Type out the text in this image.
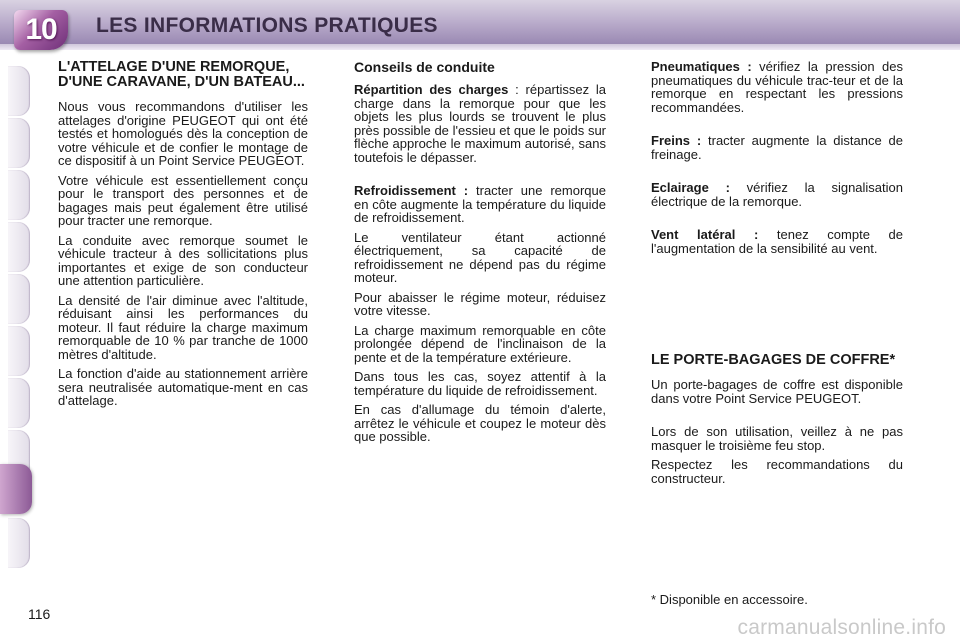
10	LES INFORMATIONS PRATIQUES
L'ATTELAGE D'UNE REMORQUE, D'UNE CARAVANE, D'UN BATEAU...

Nous vous recommandons d'utiliser les attelages d'origine PEUGEOT qui ont été testés et homologués dès la conception de votre véhicule et de confier le montage de ce dispositif à un Point Service PEUGEOT.

Votre véhicule est essentiellement conçu pour le transport des personnes et de bagages mais peut également être utilisé pour tracter une remorque.

La conduite avec remorque soumet le véhicule tracteur à des sollicitations plus importantes et exige de son conducteur une attention particulière.

La densité de l'air diminue avec l'altitude, réduisant ainsi les performances du moteur. Il faut réduire la charge maximum remorquable de 10 % par tranche de 1000 mètres d'altitude.

La fonction d'aide au stationnement arrière sera neutralisée automatique-ment en cas d'attelage.

Conseils de conduite

Répartition des charges : répartissez la charge dans la remorque pour que les objets les plus lourds se trouvent le plus près possible de l'essieu et que le poids sur flèche approche le maximum autorisé, sans toutefois le dépasser.

Refroidissement : tracter une remorque en côte augmente la température du liquide de refroidissement.

Le ventilateur étant actionné électriquement, sa capacité de refroidissement ne dépend pas du régime moteur.

Pour abaisser le régime moteur, réduisez votre vitesse.

La charge maximum remorquable en côte prolongée dépend de l'inclinaison de la pente et de la température extérieure.

Dans tous les cas, soyez attentif à la température du liquide de refroidissement.

En cas d'allumage du témoin d'alerte, arrêtez le véhicule et coupez le moteur dès que possible.

Pneumatiques : vérifiez la pression des pneumatiques du véhicule trac-teur et de la remorque en respectant les pressions recommandées.

Freins : tracter augmente la distance de freinage.

Eclairage : vérifiez la signalisation électrique de la remorque.

Vent latéral : tenez compte de l'augmentation de la sensibilité au vent.

LE PORTE-BAGAGES DE COFFRE*

Un porte-bagages de coffre est disponible dans votre Point Service PEUGEOT.

Lors de son utilisation, veillez à ne pas masquer le troisième feu stop.

Respectez les recommandations du constructeur.

* Disponible en accessoire.
116
carmanualsonline.info
